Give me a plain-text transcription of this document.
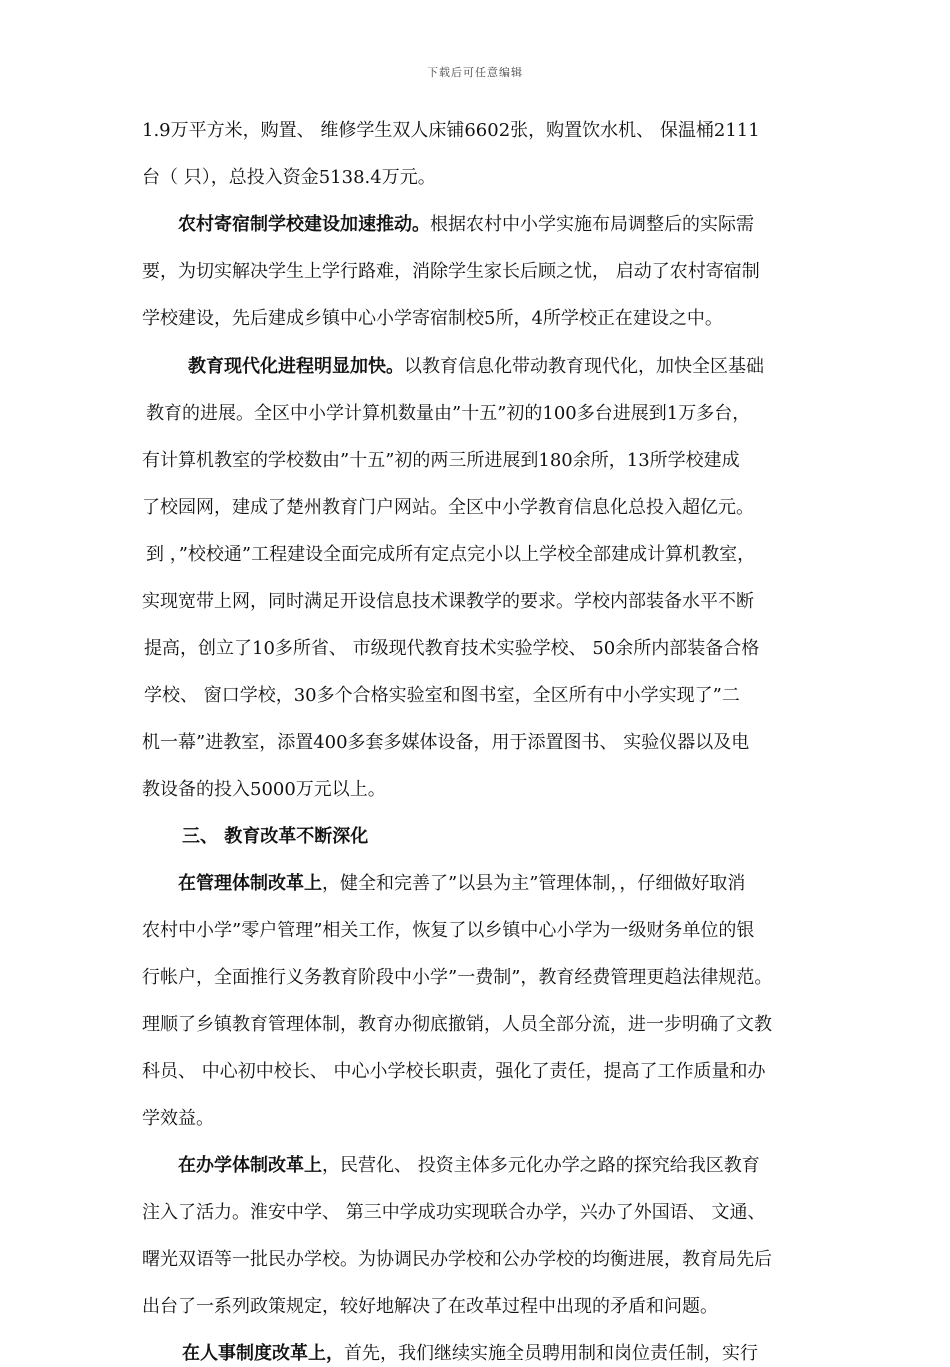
下载后可任意编辑
1.9万平方米，购置、 维修学生双人床铺6602张，购置饮水机、 保温桶2111
台（ 只），总投入资金5138.4万元。
农村寄宿制学校建设加速推动。根据农村中小学实施布局调整后的实际需
要，为切实解决学生上学行路难，消除学生家长后顾之忧， 启动了农村寄宿制
学校建设，先后建成乡镇中心小学寄宿制校5所，4所学校正在建设之中。
教育现代化进程明显加快。以教育信息化带动教育现代化，加快全区基础
教育的进展。全区中小学计算机数量由”十五”初的100多台进展到1万多台，
有计算机教室的学校数由”十五”初的两三所进展到180余所，13所学校建成
了校园网，建成了楚州教育门户网站。全区中小学教育信息化总投入超亿元。
到 ，”校校通”工程建设全面完成所有定点完小以上学校全部建成计算机教室，
实现宽带上网，同时满足开设信息技术课教学的要求。学校内部装备水平不断
提高，创立了10多所省、 市级现代教育技术实验学校、 50余所内部装备合格
学校、 窗口学校，30多个合格实验室和图书室，全区所有中小学实现了”二
机一幕”进教室，添置400多套多媒体设备，用于添置图书、 实验仪器以及电
教设备的投入5000万元以上。
三、 教育改革不断深化
在管理体制改革上，健全和完善了”以县为主”管理体制，，仔细做好取消
农村中小学”零户管理”相关工作，恢复了以乡镇中心小学为一级财务单位的银
行帐户，全面推行义务教育阶段中小学”一费制”，教育经费管理更趋法律规范。
理顺了乡镇教育管理体制，教育办彻底撤销，人员全部分流，进一步明确了文教
科员、 中心初中校长、 中心小学校长职责，强化了责任，提高了工作质量和办
学效益。
在办学体制改革上，民营化、 投资主体多元化办学之路的探究给我区教育
注入了活力。淮安中学、 第三中学成功实现联合办学，兴办了外国语、 文通、
曙光双语等一批民办学校。为协调民办学校和公办学校的均衡进展，教育局先后
出台了一系列政策规定，较好地解决了在改革过程中出现的矛盾和问题。
在人事制度改革上，首先，我们继续实施全员聘用制和岗位责任制，实行
